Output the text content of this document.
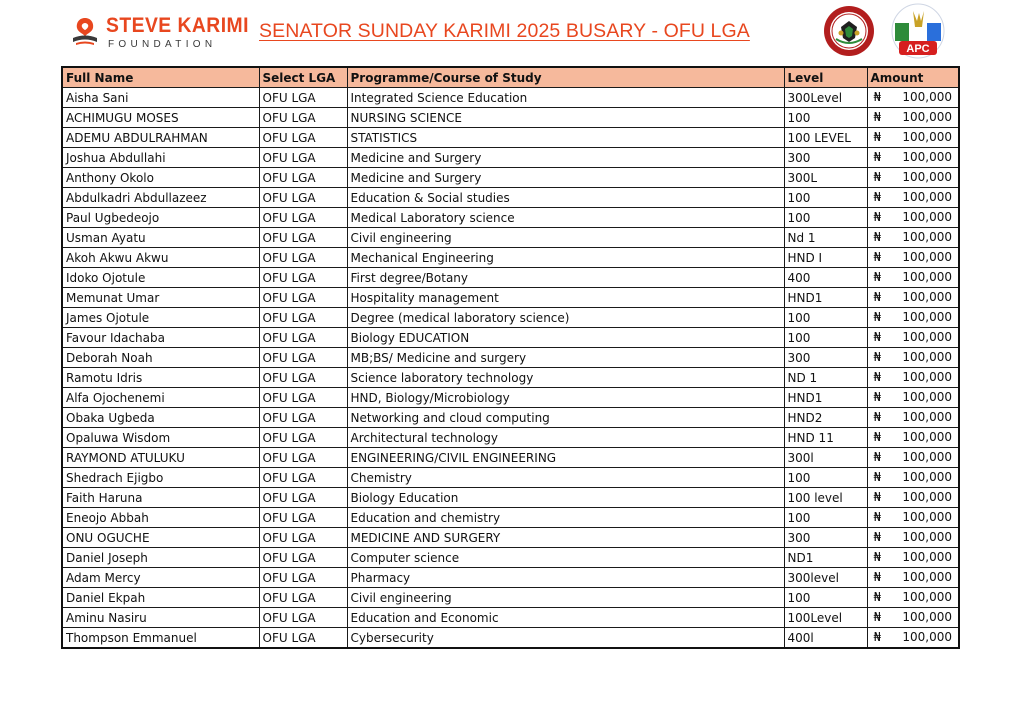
STEVE KARIMI
FOUNDATION
SENATOR SUNDAY KARIMI 2025 BUSARY - OFU LGA
APC
Full Name	Select LGA	Programme/Course of Study	Level	Amount
Aisha Sani	OFU LGA	Integrated Science Education	300Level	₦ 100,000

ACHIMUGU MOSES	OFU LGA	NURSING SCIENCE	100	₦ 100,000

ADEMU ABDULRAHMAN	OFU LGA	STATISTICS	100 LEVEL	₦ 100,000

Joshua Abdullahi	OFU LGA	Medicine and Surgery	300	₦ 100,000

Anthony Okolo	OFU LGA	Medicine and Surgery	300L	₦ 100,000

Abdulkadri Abdullazeez	OFU LGA	Education & Social studies	100	₦ 100,000

Paul Ugbedeojo	OFU LGA	Medical Laboratory science	100	₦ 100,000

Usman Ayatu	OFU LGA	Civil engineering	Nd 1	₦ 100,000

Akoh Akwu Akwu	OFU LGA	Mechanical Engineering	HND I	₦ 100,000

Idoko Ojotule	OFU LGA	First degree/Botany	400	₦ 100,000

Memunat Umar	OFU LGA	Hospitality management	HND1	₦ 100,000

James Ojotule	OFU LGA	Degree (medical laboratory science)	100	₦ 100,000

Favour Idachaba	OFU LGA	Biology EDUCATION	100	₦ 100,000

Deborah Noah	OFU LGA	MB;BS/ Medicine and surgery	300	₦ 100,000

Ramotu Idris	OFU LGA	Science laboratory technology	ND 1	₦ 100,000

Alfa Ojochenemi	OFU LGA	HND, Biology/Microbiology	HND1	₦ 100,000

Obaka Ugbeda	OFU LGA	Networking and cloud computing	HND2	₦ 100,000

Opaluwa Wisdom	OFU LGA	Architectural technology	HND 11	₦ 100,000

RAYMOND ATULUKU	OFU LGA	ENGINEERING/CIVIL ENGINEERING	300l	₦ 100,000

Shedrach Ejigbo	OFU LGA	Chemistry	100	₦ 100,000

Faith Haruna	OFU LGA	Biology Education	100 level	₦ 100,000

Eneojo Abbah	OFU LGA	Education and chemistry	100	₦ 100,000

ONU OGUCHE	OFU LGA	MEDICINE AND SURGERY	300	₦ 100,000

Daniel Joseph	OFU LGA	Computer science	ND1	₦ 100,000

Adam Mercy	OFU LGA	Pharmacy	300level	₦ 100,000

Daniel Ekpah	OFU LGA	Civil engineering	100	₦ 100,000

Aminu Nasiru	OFU LGA	Education and Economic	100Level	₦ 100,000

Thompson Emmanuel	OFU LGA	Cybersecurity	400l	₦ 100,000
